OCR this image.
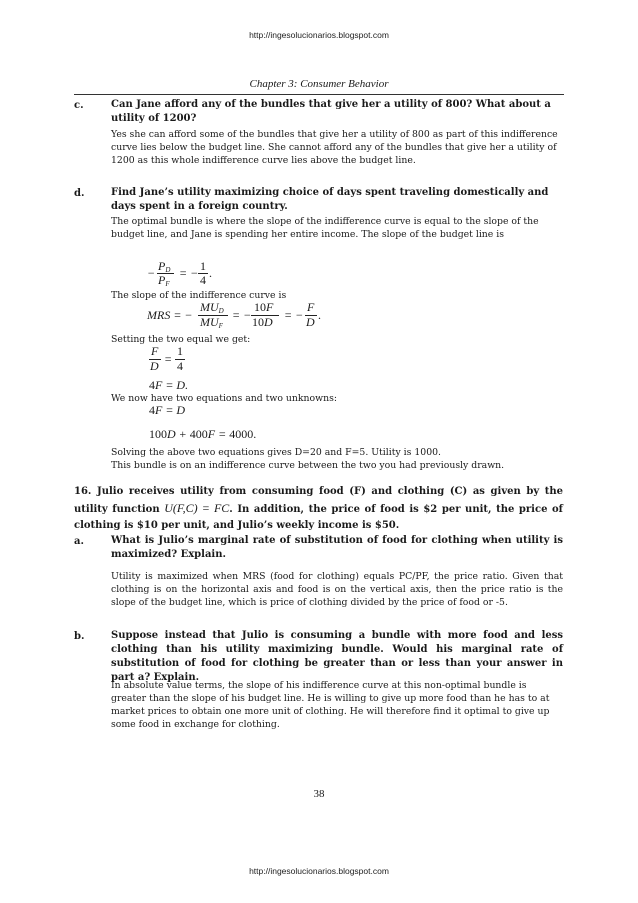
http://ingesolucionarios.blogspot.com
Chapter 3: Consumer Behavior
c.	Can Jane afford any of the bundles that give her a utility of 800? What about a utility of 1200?
Yes she can afford some of the bundles that give her a utility of 800 as part of this indifference curve lies below the budget line. She cannot afford any of the bundles that give her a utility of 1200 as this whole indifference curve lies above the budget line.
d.	Find Jane’s utility maximizing choice of days spent traveling domestically and days spent in a foreign country.
The optimal bundle is where the slope of the indifference curve is equal to the slope of the budget line, and Jane is spending her entire income. The slope of the budget line is
− $P_D$
$P_F$
= − 1
4 .
The slope of the indifference curve is
MRS = −
$MU_D$
$MU_F$
= −
10F
10D = −
F
D .
Setting the two equal we get:
F
D =
1
4
4F = D.
We now have two equations and two unknowns:
4F = D
100D + 400F = 4000.
Solving the above two equations gives D=20 and F=5. Utility is 1000.
This bundle is on an indifference curve between the two you had previously drawn.
16. Julio receives utility from consuming food (F) and clothing (C) as given by the utility function U(F,C) = FC. In addition, the price of food is $2 per unit, the price of clothing is $10 per unit, and Julio’s weekly income is $50.
a.	What is Julio’s marginal rate of substitution of food for clothing when utility is maximized? Explain.
Utility is maximized when MRS (food for clothing) equals PC/PF, the price ratio. Given that clothing is on the horizontal axis and food is on the vertical axis, then the price ratio is the slope of the budget line, which is price of clothing divided by the price of food or -5.
b.	Suppose instead that Julio is consuming a bundle with more food and less clothing than his utility maximizing bundle. Would his marginal rate of substitution of food for clothing be greater than or less than your answer in part a? Explain.
In absolute value terms, the slope of his indifference curve at this non-optimal bundle is greater than the slope of his budget line. He is willing to give up more food than he has to at market prices to obtain one more unit of clothing. He will therefore find it optimal to give up some food in exchange for clothing.
38
http://ingesolucionarios.blogspot.com
